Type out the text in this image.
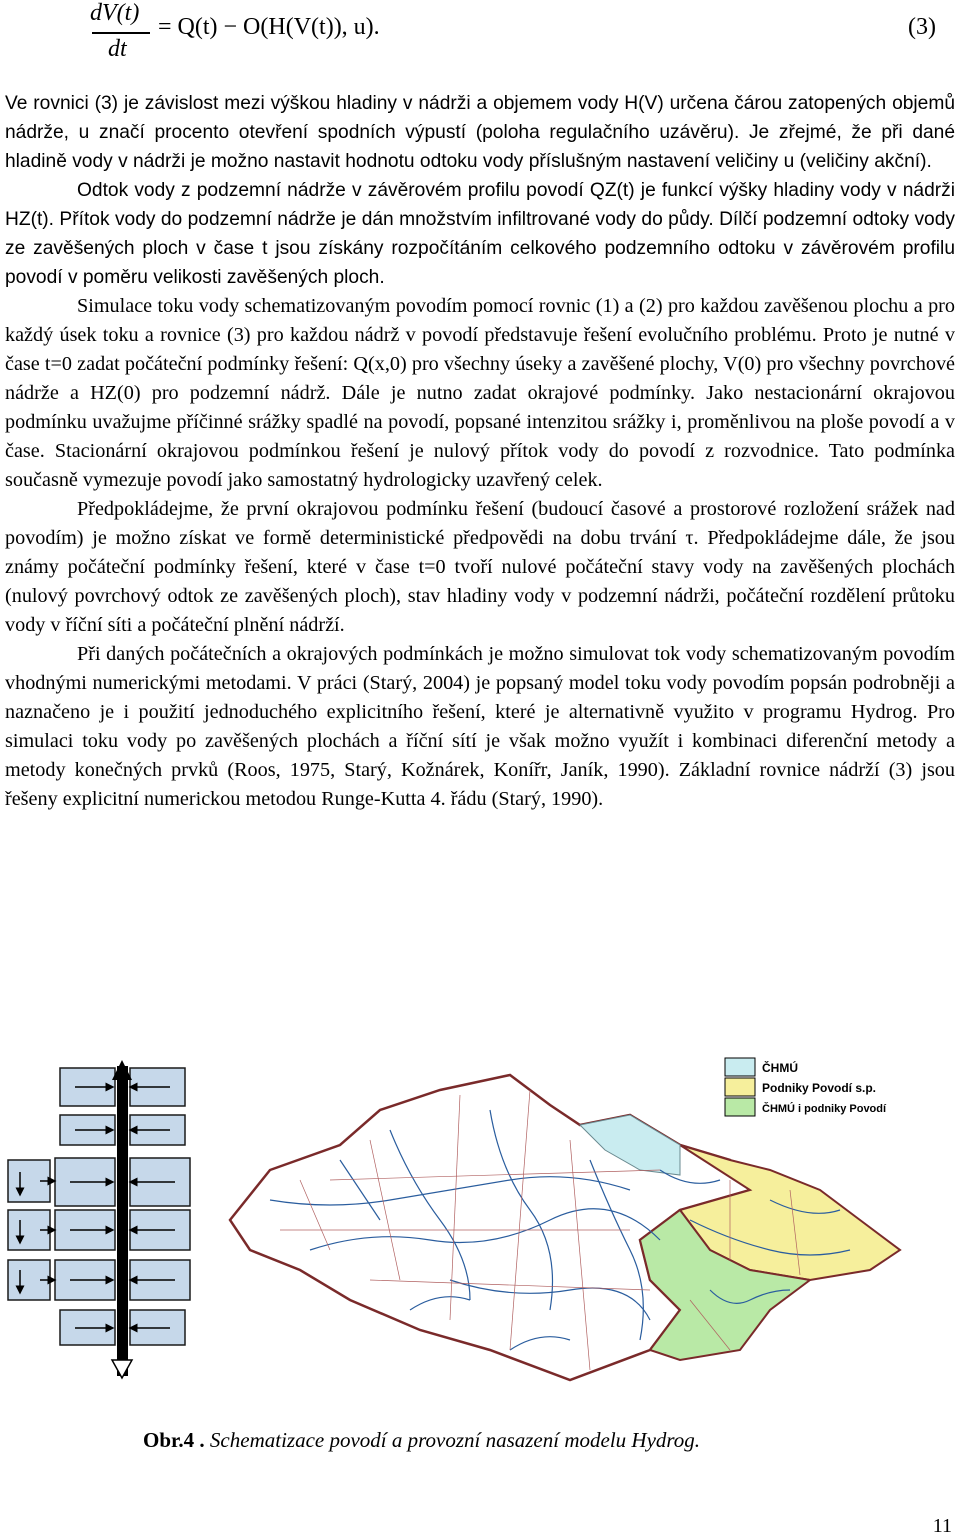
dV(t)
dt
= Q(t) − O(H(V(t)), u).	(3)

Ve rovnici (3) je závislost mezi výškou hladiny v nádrži a objemem vody H(V) určena čárou zatopených objemů nádrže, u značí procento otevření spodních výpustí (poloha regulačního uzávěru). Je zřejmé, že při dané hladině vody v nádrži je možno nastavit hodnotu odtoku vody příslušným nastavení veličiny u (veličiny akční).

Odtok vody z podzemní nádrže v závěrovém profilu povodí QZ(t) je funkcí výšky hladiny vody v nádrži HZ(t). Přítok vody do podzemní nádrže je dán množstvím infiltrované vody do půdy. Dílčí podzemní odtoky vody ze zavěšených ploch v čase t jsou získány rozpočítáním celkového podzemního odtoku v závěrovém profilu povodí v poměru velikosti zavěšených ploch.

Simulace toku vody schematizovaným povodím pomocí rovnic (1) a (2) pro každou zavěšenou plochu a pro každý úsek toku a rovnice (3) pro každou nádrž v povodí představuje řešení evolučního problému. Proto je nutné v čase t=0 zadat počáteční podmínky řešení: Q(x,0) pro všechny úseky a zavěšené plochy, V(0) pro všechny povrchové nádrže a HZ(0) pro podzemní nádrž. Dále je nutno zadat okrajové podmínky. Jako nestacionární okrajovou podmínku uvažujme příčinné srážky spadlé na povodí, popsané intenzitou srážky i, proměnlivou na ploše povodí a v čase. Stacionární okrajovou podmínkou řešení je nulový přítok vody do povodí z rozvodnice. Tato podmínka současně vymezuje povodí jako samostatný hydrologicky uzavřený celek.

Předpokládejme, že první okrajovou podmínku řešení (budoucí časové a prostorové rozložení srážek nad povodím) je možno získat ve formě deterministické předpovědi na dobu trvání τ. Předpokládejme dále, že jsou známy počáteční podmínky řešení, které v čase t=0 tvoří nulové počáteční stavy vody na zavěšených plochách (nulový povrchový odtok ze zavěšených ploch), stav hladiny vody v podzemní nádrži, počáteční rozdělení průtoku vody v říční síti a počáteční plnění nádrží.

Při daných počátečních a okrajových podmínkách je možno simulovat tok vody schematizovaným povodím vhodnými numerickými metodami. V práci (Starý, 2004) je popsaný model toku vody povodím popsán podrobněji a naznačeno je i použití jednoduchého explicitního řešení, které je alternativně využito v programu Hydrog. Pro simulaci toku vody po zavěšených plochách a říční sítí je však možno využít i kombinaci diferenční metody a metody konečných prvků (Roos, 1975, Starý, Kožnárek, Konířr, Janík, 1990). Základní rovnice nádrží (3) jsou řešeny explicitní numerickou metodou Runge-Kutta 4. řádu (Starý, 1990).

ČHMÚ
Podniky Povodí s.p.
ČHMÚ i podniky Povodí
Obr.4 . Schematizace povodí a provozní nasazení modelu Hydrog.
11
